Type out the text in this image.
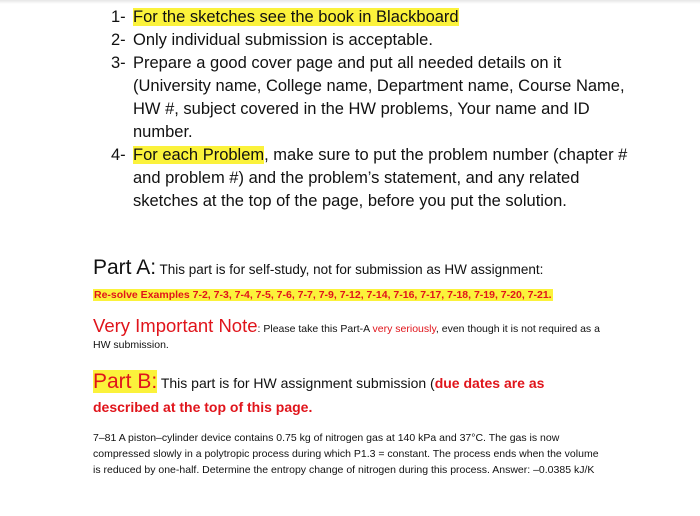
1- For the sketches see the book in Blackboard
2- Only individual submission is acceptable.
3- Prepare a good cover page and put all needed details on it (University name, College name, Department name, Course Name, HW #, subject covered in the HW problems, Your name and ID number.
4- For each Problem, make sure to put the problem number (chapter # and problem #) and the problem’s statement, and any related sketches at the top of the page, before you put the solution.
Part A: This part is for self-study, not for submission as HW assignment:
Re-solve Examples 7-2, 7-3, 7-4, 7-5, 7-6, 7-7, 7-9, 7-12, 7-14, 7-16, 7-17, 7-18, 7-19, 7-20, 7-21.
Very Important Note: Please take this Part-A very seriously, even though it is not required as a HW submission.
Part B: This part is for HW assignment submission (due dates are as described at the top of this page.
7–81 A piston–cylinder device contains 0.75 kg of nitrogen gas at 140 kPa and 37°C. The gas is now compressed slowly in a polytropic process during which P1.3 = constant. The process ends when the volume is reduced by one-half. Determine the entropy change of nitrogen during this process. Answer: –0.0385 kJ/K
